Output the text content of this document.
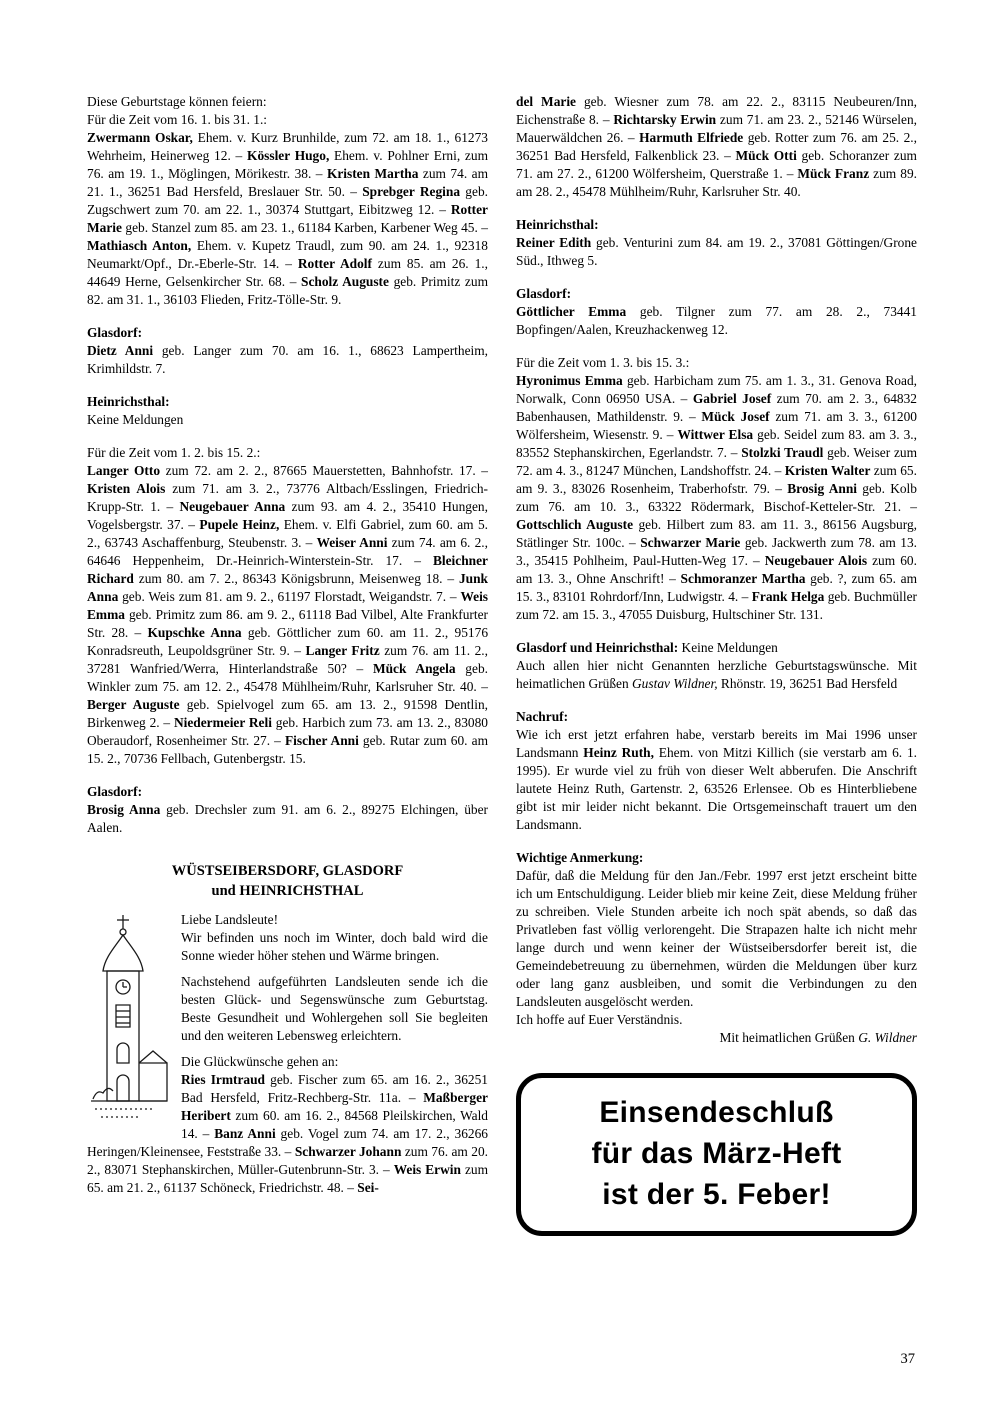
Diese Geburtstage können feiern:

Für die Zeit vom 16. 1. bis 31. 1.:

Zwermann Oskar, Ehem. v. Kurz Brunhilde, zum 72. am 18. 1., 61273 Wehrheim, Heinerweg 12. – Kössler Hugo, Ehem. v. Pohlner Erni, zum 76. am 19. 1., Möglingen, Mörikestr. 38. – Kristen Martha zum 74. am 21. 1., 36251 Bad Hersfeld, Breslauer Str. 50. – Sprebger Regina geb. Zugschwert zum 70. am 22. 1., 30374 Stuttgart, Eibitzweg 12. – Rotter Marie geb. Stanzel zum 85. am 23. 1., 61184 Karben, Karbener Weg 45. – Mathiasch Anton, Ehem. v. Kupetz Traudl, zum 90. am 24. 1., 92318 Neumarkt/Opf., Dr.-Eberle-Str. 14. – Rotter Adolf zum 85. am 26. 1., 44649 Herne, Gelsenkircher Str. 68. – Scholz Auguste geb. Primitz zum 82. am 31. 1., 36103 Flieden, Fritz-Tölle-Str. 9.

Glasdorf:

Dietz Anni geb. Langer zum 70. am 16. 1., 68623 Lampertheim, Krimhildstr. 7.

Heinrichsthal:

Keine Meldungen

Für die Zeit vom 1. 2. bis 15. 2.:

Langer Otto zum 72. am 2. 2., 87665 Mauerstetten, Bahnhofstr. 17. – Kristen Alois zum 71. am 3. 2., 73776 Altbach/Esslingen, Friedrich-Krupp-Str. 1. – Neugebauer Anna zum 93. am 4. 2., 35410 Hungen, Vogelsbergstr. 37. – Pupele Heinz, Ehem. v. Elfi Gabriel, zum 60. am 5. 2., 63743 Aschaffenburg, Steubenstr. 3. – Weiser Anni zum 74. am 6. 2., 64646 Heppenheim, Dr.-Heinrich-Winterstein-Str. 17. – Bleichner Richard zum 80. am 7. 2., 86343 Königsbrunn, Meisenweg 18. – Junk Anna geb. Weis zum 81. am 9. 2., 61197 Florstadt, Weigandstr. 7. – Weis Emma geb. Primitz zum 86. am 9. 2., 61118 Bad Vilbel, Alte Frankfurter Str. 28. – Kupschke Anna geb. Göttlicher zum 60. am 11. 2., 95176 Konradsreuth, Leupoldsgrüner Str. 9. – Langer Fritz zum 76. am 11. 2., 37281 Wanfried/Werra, Hinterlandstraße 50? – Mück Angela geb. Winkler zum 75. am 12. 2., 45478 Mühlheim/Ruhr, Karlsruher Str. 40. – Berger Auguste geb. Spielvogel zum 65. am 13. 2., 91598 Dentlin, Birkenweg 2. – Niedermeier Reli geb. Harbich zum 73. am 13. 2., 83080 Oberaudorf, Rosenheimer Str. 27. – Fischer Anni geb. Rutar zum 60. am 15. 2., 70736 Fellbach, Gutenbergstr. 15.

Glasdorf:

Brosig Anna geb. Drechsler zum 91. am 6. 2., 89275 Elchingen, über Aalen.

WÜSTSEIBERSDORF, GLASDORF
und HEINRICHSTHAL

Liebe Landsleute!

Wir befinden uns noch im Winter, doch bald wird die Sonne wieder höher stehen und Wärme bringen.

Nachstehend aufgeführten Landsleuten sende ich die besten Glück- und Segenswünsche zum Geburtstag. Beste Gesundheit und Wohlergehen soll Sie begleiten und den weiteren Lebensweg erleichtern.

Die Glückwünsche gehen an:

Ries Irmtraud geb. Fischer zum 65. am 16. 2., 36251 Bad Hersfeld, Fritz-Rechberg-Str. 11a. – Maßberger Heribert zum 60. am 16. 2., 84568 Pleilskirchen, Wald 14. – Banz Anni geb. Vogel zum 74. am 17. 2., 36266 Heringen/Kleinensee, Feststraße 33. – Schwarzer Johann zum 76. am 20. 2., 83071 Stephanskirchen, Müller-Gutenbrunn-Str. 3. – Weis Erwin zum 65. am 21. 2., 61137 Schöneck, Friedrichstr. 48. – Sei-

del Marie geb. Wiesner zum 78. am 22. 2., 83115 Neubeuren/Inn, Eichenstraße 8. – Richtarsky Erwin zum 71. am 23. 2., 52146 Würselen, Mauerwäldchen 26. – Harmuth Elfriede geb. Rotter zum 76. am 25. 2., 36251 Bad Hersfeld, Falkenblick 23. – Mück Otti geb. Schoranzer zum 71. am 27. 2., 61200 Wölfersheim, Querstraße 1. – Mück Franz zum 89. am 28. 2., 45478 Mühlheim/Ruhr, Karlsruher Str. 40.

Heinrichsthal:

Reiner Edith geb. Venturini zum 84. am 19. 2., 37081 Göttingen/Grone Süd., Ithweg 5.

Glasdorf:

Göttlicher Emma geb. Tilgner zum 77. am 28. 2., 73441 Bopfingen/Aalen, Kreuzhackenweg 12.

Für die Zeit vom 1. 3. bis 15. 3.:

Hyronimus Emma geb. Harbicham zum 75. am 1. 3., 31. Genova Road, Norwalk, Conn 06950 USA. – Gabriel Josef zum 70. am 2. 3., 64832 Babenhausen, Mathildenstr. 9. – Mück Josef zum 71. am 3. 3., 61200 Wölfersheim, Wiesenstr. 9. – Wittwer Elsa geb. Seidel zum 83. am 3. 3., 83552 Stephanskirchen, Egerlandstr. 7. – Stolzki Traudl geb. Weiser zum 72. am 4. 3., 81247 München, Landshoffstr. 24. – Kristen Walter zum 65. am 9. 3., 83026 Rosenheim, Traberhofstr. 79. – Brosig Anni geb. Kolb zum 76. am 10. 3., 63322 Rödermark, Bischof-Ketteler-Str. 21. – Gottschlich Auguste geb. Hilbert zum 83. am 11. 3., 86156 Augsburg, Stätlinger Str. 100c. – Schwarzer Marie geb. Jackwerth zum 78. am 13. 3., 35415 Pohlheim, Paul-Hutten-Weg 17. – Neugebauer Alois zum 60. am 13. 3., Ohne Anschrift! – Schmoranzer Martha geb. ?, zum 65. am 15. 3., 83101 Rohrdorf/Inn, Ludwigstr. 4. – Frank Helga geb. Buchmüller zum 72. am 15. 3., 47055 Duisburg, Hultschiner Str. 131.

Glasdorf und Heinrichsthal: Keine Meldungen

Auch allen hier nicht Genannten herzliche Geburtstagswünsche. Mit heimatlichen Grüßen Gustav Wildner, Rhönstr. 19, 36251 Bad Hersfeld

Nachruf:

Wie ich erst jetzt erfahren habe, verstarb bereits im Mai 1996 unser Landsmann Heinz Ruth, Ehem. von Mitzi Killich (sie verstarb am 6. 1. 1995). Er wurde viel zu früh von dieser Welt abberufen. Die Anschrift lautete Heinz Ruth, Gartenstr. 2, 63526 Erlensee. Ob es Hinterbliebene gibt ist mir leider nicht bekannt. Die Ortsgemeinschaft trauert um den Landsmann.

Wichtige Anmerkung:

Dafür, daß die Meldung für den Jan./Febr. 1997 erst jetzt erscheint bitte ich um Entschuldigung. Leider blieb mir keine Zeit, diese Meldung früher zu schreiben. Viele Stunden arbeite ich noch spät abends, so daß das Privatleben fast völlig verlorengeht. Die Strapazen halte ich nicht mehr lange durch und wenn keiner der Wüstseibersdorfer bereit ist, die Gemeindebetreuung zu übernehmen, würden die Meldungen über kurz oder lang ganz ausbleiben, und somit die Verbindungen zu den Landsleuten ausgelöscht werden.

Ich hoffe auf Euer Verständnis.

Mit heimatlichen Grüßen G. Wildner

Einsendeschluß
für das März-Heft
ist der 5. Feber!
37
